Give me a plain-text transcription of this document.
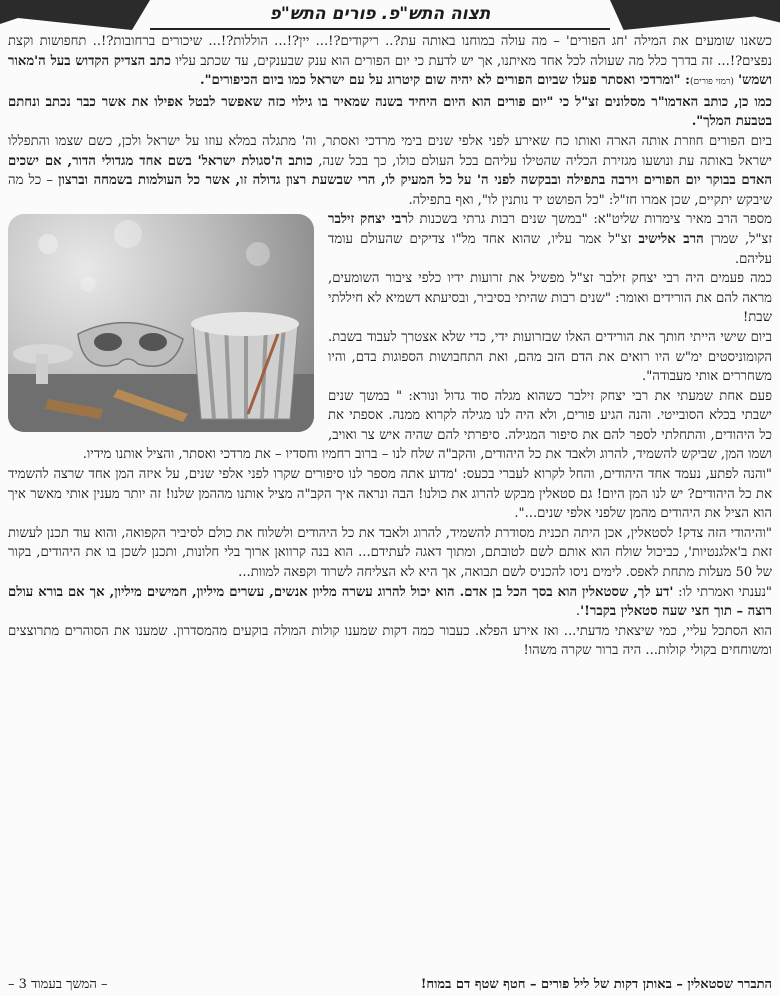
תצוה התש"פ. פורים התש"פ

כשאנו שומעים את המילה 'חג הפורים' – מה עולה במוחנו באותה עת?.. ריקודים?!... יין?!... הוללות?!... שיכורים ברחובות?!.. תחפושות וקצת נפצים?!... זה בדרך כלל מה שעולה לכל אחד מאיתנו, אך יש לדעת כי יום הפורים הוא ענק שבענקים, עד שכתב עליו כתב הצדיק הקדוש בעל ה'מאור ושמש' (רמזי פורים): "ומרדכי ואסתר פעלו שביום הפורים לא יהיה שום קיטרוג על עם ישראל כמו ביום הכיפורים".

כמו כן, כותב האדמו"ר מסלונים זצ"ל כי "יום פורים הוא היום היחיד בשנה שמאיר בו גילוי כזה שאפשר לבטל אפילו את אשר כבר נכתב ונחתם בטבעת המלך".

ביום הפורים חוזרת אותה הארה ואותו כח שאירע לפני אלפי שנים בימי מרדכי ואסתר, וה' מתגלה במלא עוזו על ישראל ולכן, כשם שצמו והתפללו ישראל באותה עת ונושעו מגזירת הכליה שהטילו עליהם בכל העולם כולו, כך בכל שנה, כותב ה'סגולת ישראל' בשם אחד מגדולי הדור, אם ישכים האדם בבוקר יום הפורים וירבה בתפילה ובבקשה לפני ה' על כל המעיק לו, הרי שבשעת רצון גדולה זו, אשר כל העולמות בשמחה וברצון – כל מה שיבקש יתקיים, שכן אמרו חז"ל: "כל הפושט יד נותנין לו", ואף בתפילה.

מספר הרב מאיר צימרות שליט"א: "במשך שנים רבות גרתי בשכנות לרבי יצחק זילבר זצ"ל, שמרן הרב אלישיב זצ"ל אמר עליו, שהוא אחד מל"ו צדיקים שהעולם עומד עליהם.

כמה פעמים היה רבי יצחק זילבר זצ"ל מפשיל את זרועות ידיו כלפי ציבור השומעים, מראה להם את הורידים ואומר: "שנים רבות שהיתי בסיביר, ובסיעתא דשמיא לא חיללתי שבת!

ביום שישי הייתי חותך את הורידים האלו שבזרועות ידי, כדי שלא אצטרך לעבוד בשבת. הקומוניסטים ימ"ש היו רואים את הדם הזב מהם, ואת התחבושות הספוגות בדם, והיו משחררים אותי מעבודה".

פעם אחת שמעתי את רבי יצחק זילבר כשהוא מגלה סוד גדול ונורא: " במשך שנים ישבתי בכלא הסובייטי. והנה הגיע פורים, ולא היה לנו מגילה לקרוא ממנה. אספתי את כל היהודים, והתחלתי לספר להם את סיפור המגילה. סיפרתי להם שהיה איש צר ואויב, ושמו המן, שביקש להשמיד, להרוג ולאבד את כל היהודים, והקב"ה שלח לנו – ברוב רחמיו וחסדיו – את מרדכי ואסתר, והציל אותנו מידיו.

"והנה לפתע, נעמד אחד היהודים, והחל לקרוא לעברי בכעס: 'מדוע אתה מספר לנו סיפורים שקרו לפני אלפי שנים, על איזה המן אחד שרצה להשמיד את כל היהודים? יש לנו המן היום! גם סטאלין מבקש להרוג את כולנו! הבה ונראה איך הקב"ה מציל אותנו מההמן שלנו! זה יותר מענין אותי מאשר איך הוא הציל את היהודים מהמן שלפני אלפי שנים...".

"והיהודי הזה צדק! לסטאלין, אכן היתה תכנית מסודרת להשמיד, להרוג ולאבד את כל היהודים ולשלוח את כולם לסיביר הקפואה, והוא עוד תכנן לעשות זאת ב'אלגנטיות', כביכול שולח הוא אותם לשם לטובתם, ומתוך דאגה לעתידם... הוא בנה קרוואן ארוך בלי חלונות, ותכנן לשכן בו את היהודים, בקור של 50 מעלות מתחת לאפס. לימים ניסו להכניס לשם תבואה, אך היא לא הצליחה לשרוד וקפאה למוות...

"נענתי ואמרתי לו: 'דע לך, שסטאלין הוא בסך הכל בן אדם. הוא יכול להרוג עשרה מליון אנשים, עשרים מיליון, חמישים מיליון, אך אם בורא עולם רוצה – תוך חצי שעה סטאלין בקבר!'.

הוא הסתכל עליי, כמי שיצאתי מדעתי... ואז אירע הפלא. כעבור כמה דקות שמענו קולות המולה בוקעים מהמסדרון. שמענו את הסוהרים מתרוצצים ומשוחחים בקולי קולות... היה ברור שקרה משהו!

התברר שסטאלין – באותן דקות של ליל פורים – חטף שטף דם במוח!
– המשך בעמוד 3 –
